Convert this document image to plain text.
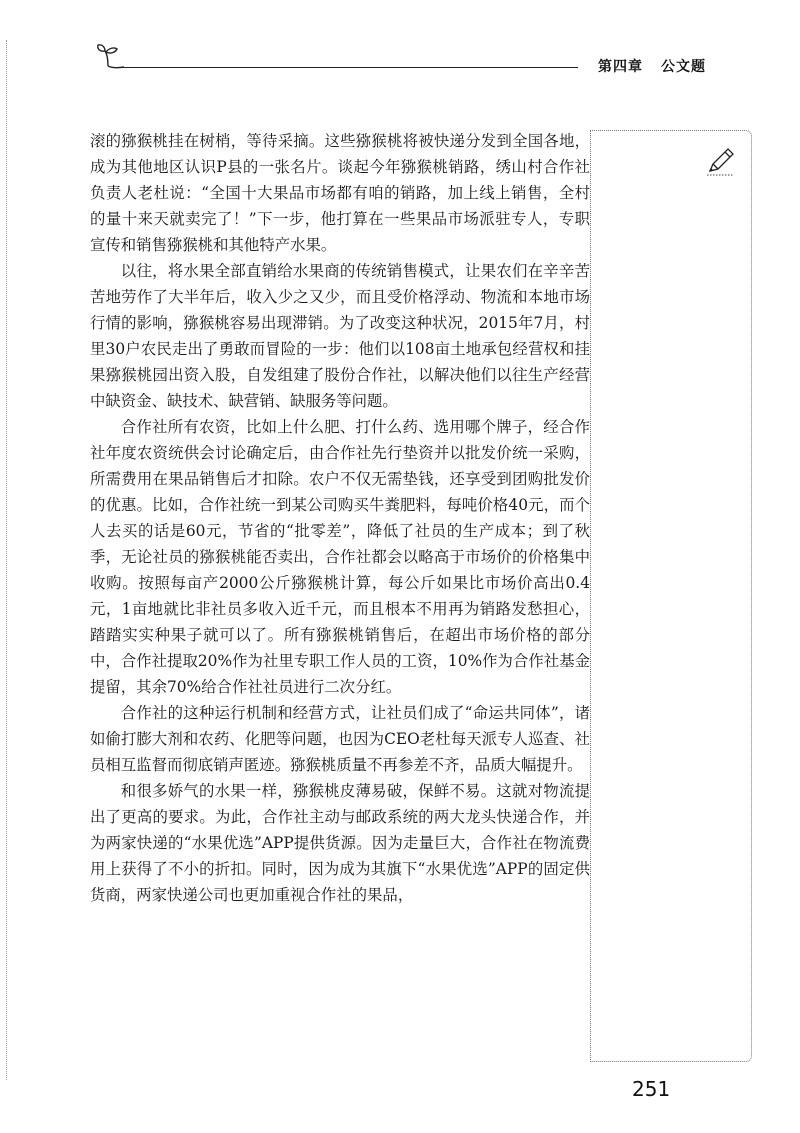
第四章 公文题

滚的猕猴桃挂在树梢，等待采摘。这些猕猴桃将被快递分发到全国各地，成为其他地区认识P县的一张名片。谈起今年猕猴桃销路，绣山村合作社负责人老杜说：“全国十大果品市场都有咱的销路，加上线上销售，全村的量十来天就卖完了！”下一步，他打算在一些果品市场派驻专人，专职宣传和销售猕猴桃和其他特产水果。

以往，将水果全部直销给水果商的传统销售模式，让果农们在辛辛苦苦地劳作了大半年后，收入少之又少，而且受价格浮动、物流和本地市场行情的影响，猕猴桃容易出现滞销。为了改变这种状况，2015年7月，村里30户农民走出了勇敢而冒险的一步：他们以108亩土地承包经营权和挂果猕猴桃园出资入股，自发组建了股份合作社，以解决他们以往生产经营中缺资金、缺技术、缺营销、缺服务等问题。

合作社所有农资，比如上什么肥、打什么药、选用哪个牌子，经合作社年度农资统供会讨论确定后，由合作社先行垫资并以批发价统一采购，所需费用在果品销售后才扣除。农户不仅无需垫钱，还享受到团购批发价的优惠。比如，合作社统一到某公司购买牛粪肥料，每吨价格40元，而个人去买的话是60元，节省的“批零差”，降低了社员的生产成本；到了秋季，无论社员的猕猴桃能否卖出，合作社都会以略高于市场价的价格集中收购。按照每亩产2000公斤猕猴桃计算，每公斤如果比市场价高出0.4元，1亩地就比非社员多收入近千元，而且根本不用再为销路发愁担心，踏踏实实种果子就可以了。所有猕猴桃销售后，在超出市场价格的部分中，合作社提取20%作为社里专职工作人员的工资，10%作为合作社基金提留，其余70%给合作社社员进行二次分红。

合作社的这种运行机制和经营方式，让社员们成了“命运共同体”，诸如偷打膨大剂和农药、化肥等问题，也因为CEO老杜每天派专人巡查、社员相互监督而彻底销声匿迹。猕猴桃质量不再参差不齐，品质大幅提升。

和很多娇气的水果一样，猕猴桃皮薄易破，保鲜不易。这就对物流提出了更高的要求。为此，合作社主动与邮政系统的两大龙头快递合作，并为两家快递的“水果优选”APP提供货源。因为走量巨大，合作社在物流费用上获得了不小的折扣。同时，因为成为其旗下“水果优选”APP的固定供货商，两家快递公司也更加重视合作社的果品，

251
